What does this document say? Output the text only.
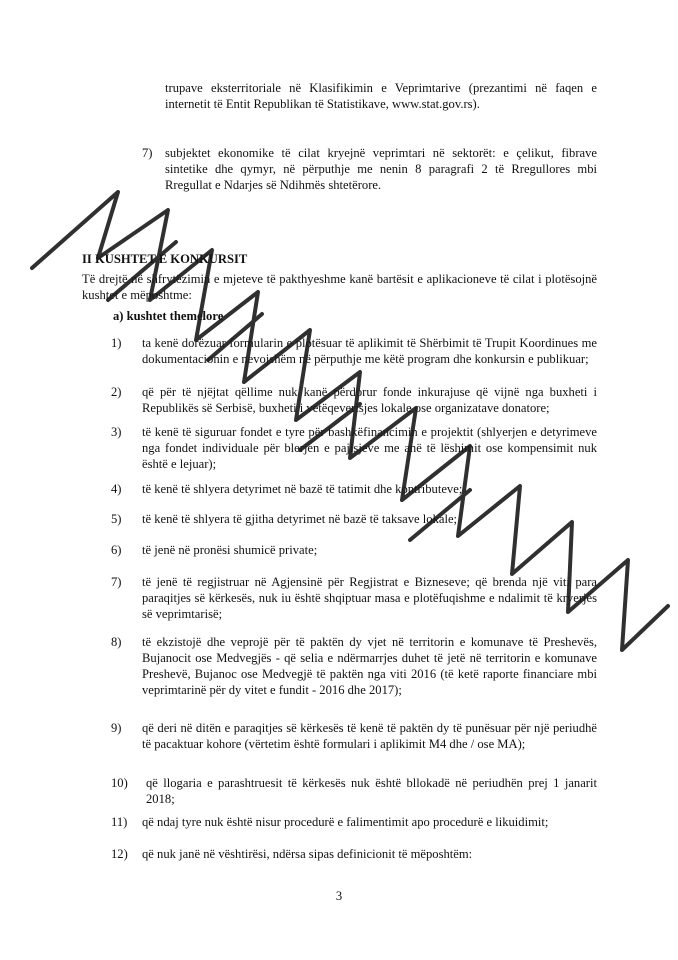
trupave eksterritoriale në Klasifikimin e Veprimtarive (prezantimi në faqen e internetit të Entit Republikan të Statistikave, www.stat.gov.rs).
7) subjektet ekonomike të cilat kryejnë veprimtari në sektorët: e çelikut, fibrave sintetike dhe qymyr, në përputhje me nenin 8 paragrafi 2 të Rregullores mbi Rregullat e Ndarjes së Ndihmës shtetërore.
II KUSHTET E KONKURSIT
Të drejtë në shfrytëzimin e mjeteve të pakthyeshme kanë bartësit e aplikacioneve të cilat i plotësojnë kushtet e mëposhtme:
a) kushtet themelore
1) ta kenë dorëzuar formularin e plotësuar të aplikimit të Shërbimit të Trupit Koordinues me dokumentacionin e nevojshëm në përputhje me këtë program dhe konkursin e publikuar;
2) që për të njëjtat qëllime nuk kanë përdorur fonde inkurajuse që vijnë nga buxheti i Republikës së Serbisë, buxheti i vetëqeverisjes lokale ose organizatave donatore;
3) të kenë të siguruar fondet e tyre për bashkëfinancimin e projektit (shlyerjen e detyrimeve nga fondet individuale për blerjen e pajisjeve me anë të lëshimit ose kompensimit nuk është e lejuar);
4) të kenë të shlyera detyrimet në bazë të tatimit dhe kontributeve;
5) të kenë të shlyera të gjitha detyrimet në bazë të taksave lokale;
6) të jenë në pronësi shumicë private;
7) të jenë të regjistruar në Agjensinë për Regjistrat e Bizneseve; që brenda një viti para paraqitjes së kërkesës, nuk iu është shqiptuar masa e plotëfuqishme e ndalimit të kryerjes së veprimtarisë;
8) të ekzistojë dhe veprojë për të paktën dy vjet në territorin e komunave të Preshevës, Bujanocit ose Medvegjës - që selia e ndërmarrjes duhet të jetë në territorin e komunave Preshevë, Bujanoc ose Medvegjë të paktën nga viti 2016 (të ketë raporte financiare mbi veprimtarinë për dy vitet e fundit - 2016 dhe 2017);
9) që deri në ditën e paraqitjes së kërkesës të kenë të paktën dy të punësuar për një periudhë të pacaktuar kohore (vërtetim është formulari i aplikimit M4 dhe / ose MA);
10) që llogaria e parashtruesit të kërkesës nuk është bllokadë në periudhën prej 1 janarit 2018;
11) që ndaj tyre nuk është nisur procedurë e falimentimit apo procedurë e likuidimit;
12) që nuk janë në vështirësi, ndërsa sipas definicionit të mëposhtëm:
3
